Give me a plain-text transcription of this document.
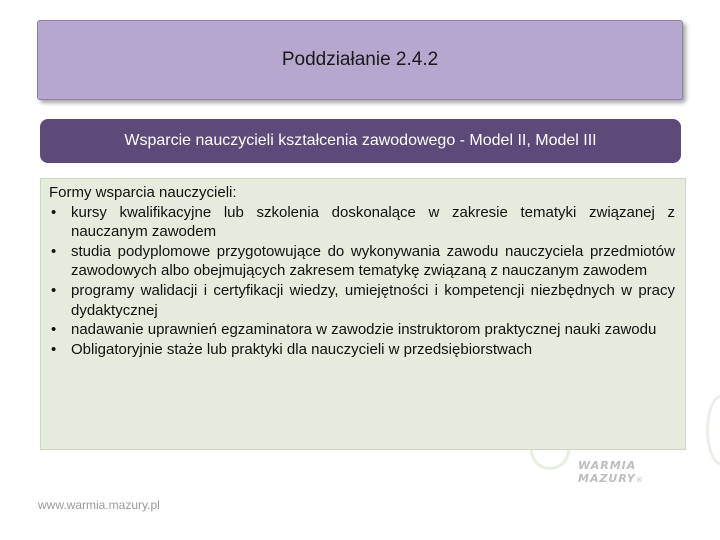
Poddziałanie 2.4.2
Wsparcie nauczycieli kształcenia zawodowego - Model II, Model III

Formy wsparcia nauczycieli:

• kursy kwalifikacyjne lub szkolenia doskonalące w zakresie tematyki związanej z nauczanym zawodem
• studia podyplomowe przygotowujące do wykonywania zawodu nauczyciela przedmiotów zawodowych albo obejmujących zakresem tematykę związaną z nauczanym zawodem
• programy walidacji i certyfikacji wiedzy, umiejętności i kompetencji niezbędnych w pracy dydaktycznej
• nadawanie uprawnień egzaminatora w zawodzie instruktorom praktycznej nauki zawodu
• Obligatoryjnie staże lub praktyki dla nauczycieli w przedsiębiorstwach
WARMIA
MAZURY®
www.warmia.mazury.pl
